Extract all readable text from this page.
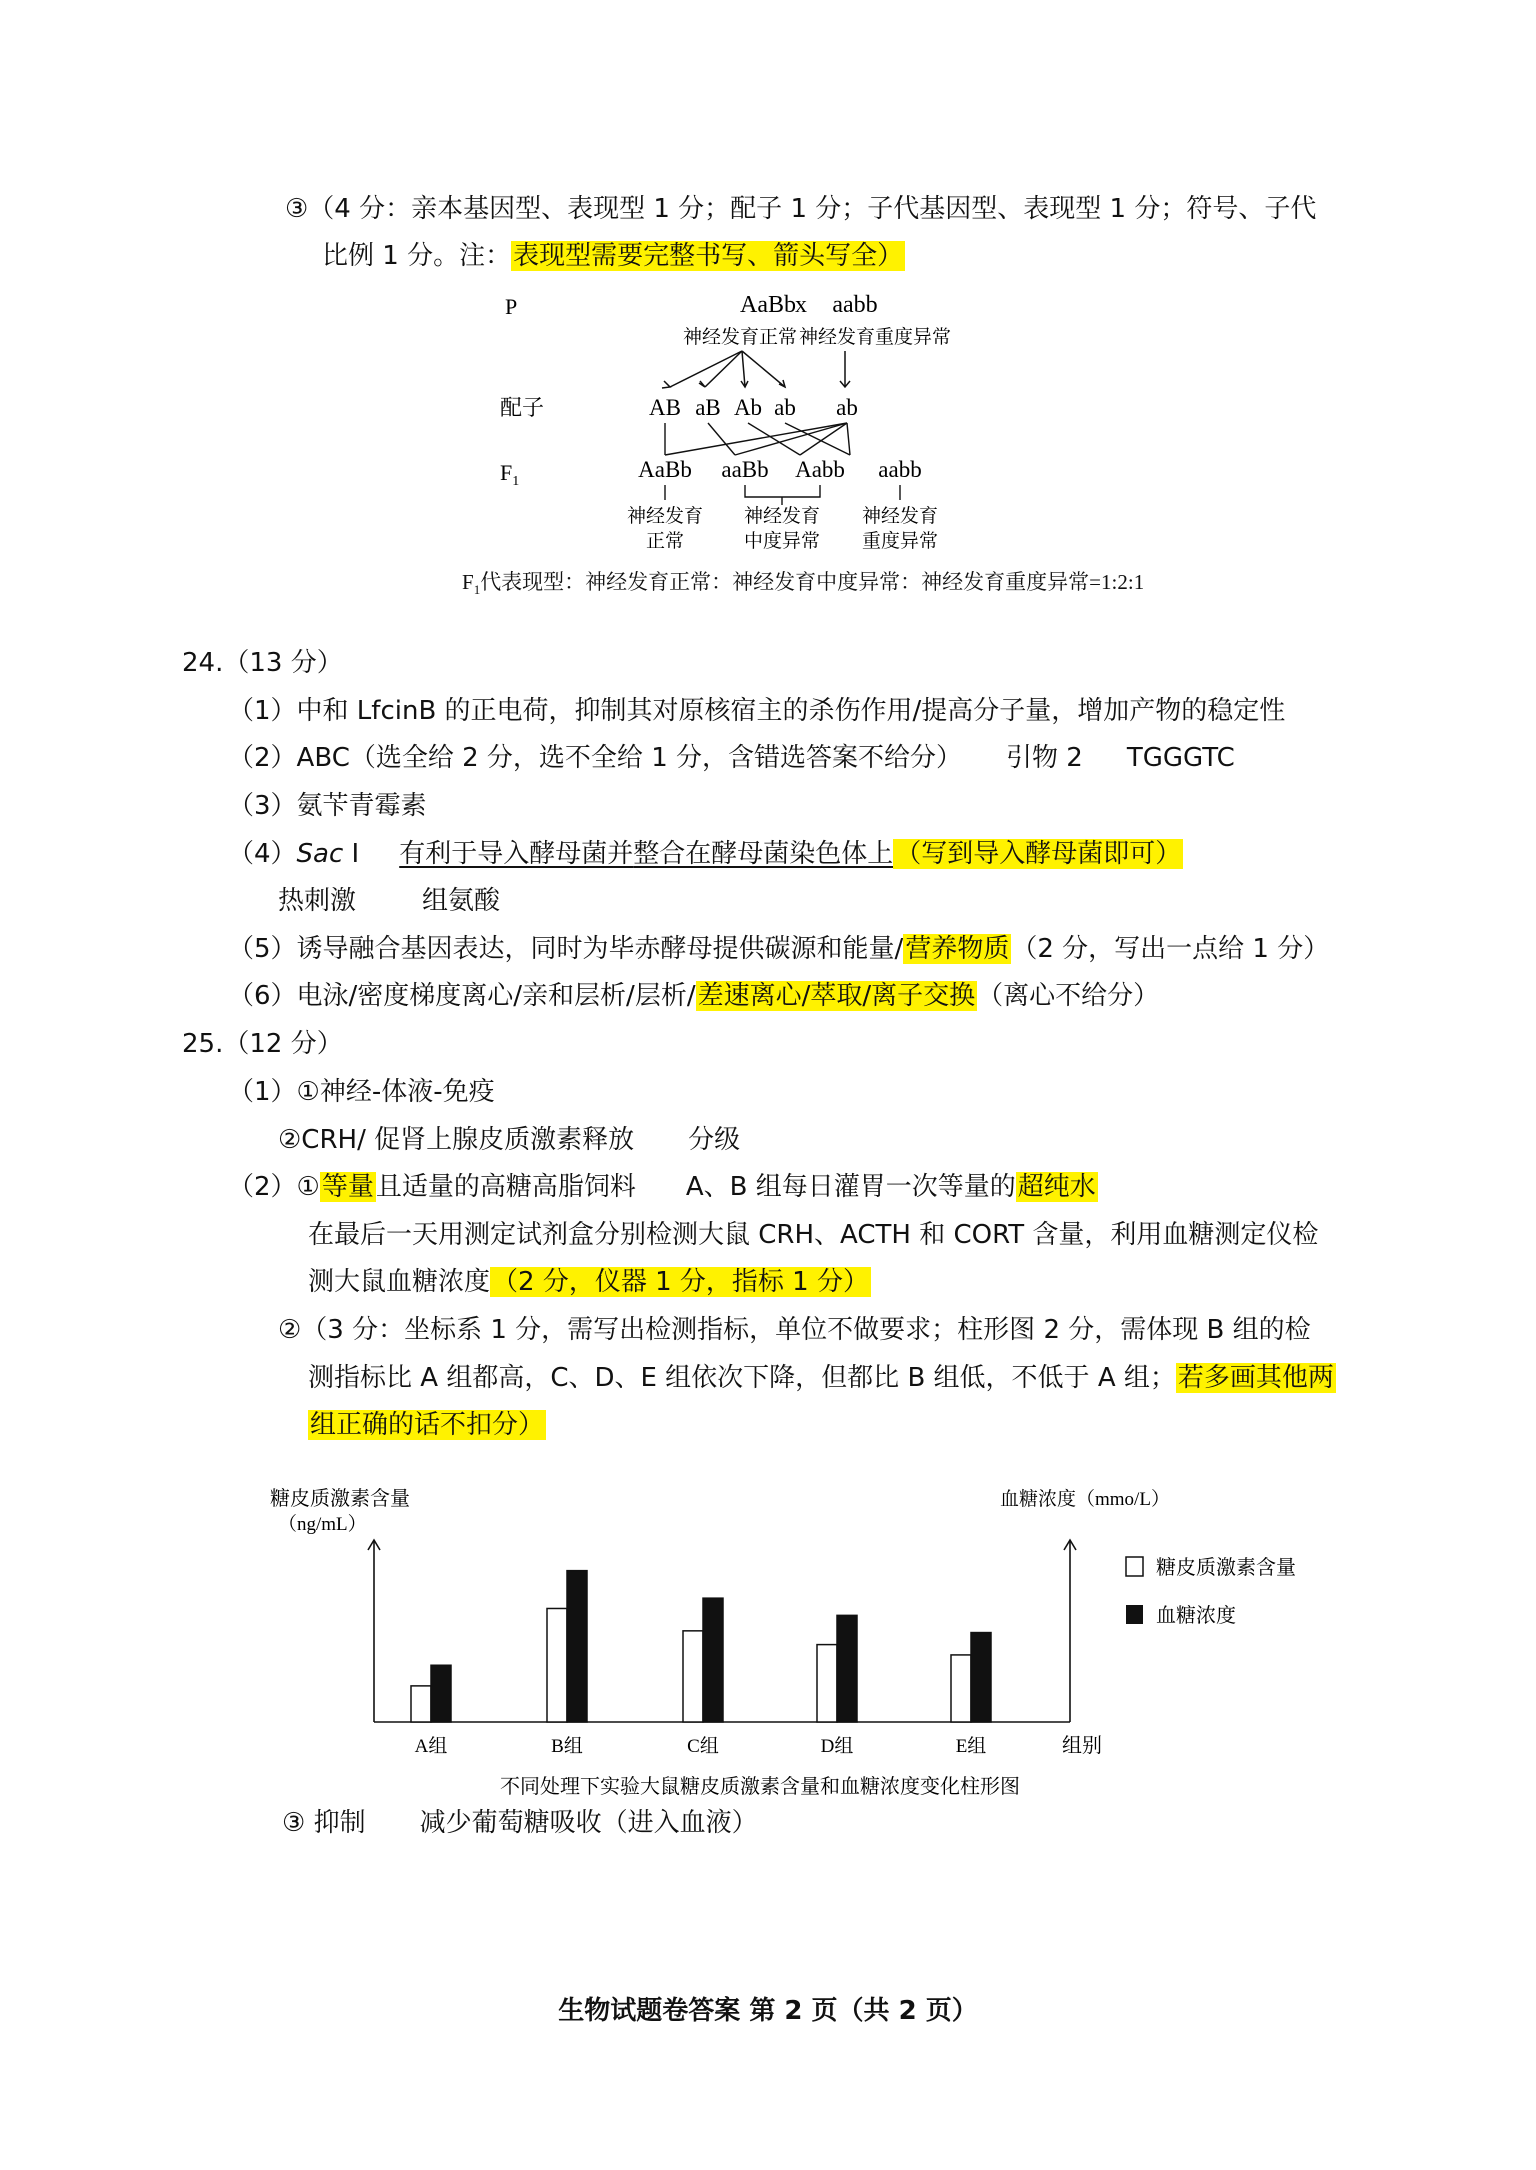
③（4 分：亲本基因型、表现型 1 分；配子 1 分；子代基因型、表现型 1 分；符号、子代
比例 1 分。注：表现型需要完整书写、箭头写全）
P	AaBb x aabb
神经发育正常 神经发育重度异常
配子	AB aB Ab ab ab
$F_1$	AaBb aaBb Aabb aabb
神经发育
正常
神经发育
中度异常
神经发育
重度异常
$F_1$代表现型：神经发育正常：神经发育中度异常：神经发育重度异常=1:2:1
24.（13 分）
（1）中和 LfcinB 的正电荷，抑制其对原核宿主的杀伤作用/提高分子量，增加产物的稳定性
（2）ABC（选全给 2 分，选不全给 1 分，含错选答案不给分） 引物 2 TGGGTC
（3）氨苄青霉素
（4）Sac I 有利于导入酵母菌并整合在酵母菌染色体上（写到导入酵母菌即可）
热刺激	组氨酸
（5）诱导融合基因表达，同时为毕赤酵母提供碳源和能量/营养物质（2 分，写出一点给 1 分）
（6）电泳/密度梯度离心/亲和层析/层析/差速离心/萃取/离子交换（离心不给分）
25.（12 分）
（1）①神经-体液-免疫
②CRH/ 促肾上腺皮质激素释放 分级
（2）①等量且适量的高糖高脂饲料 A、B 组每日灌胃一次等量的超纯水
在最后一天用测定试剂盒分别检测大鼠 CRH、ACTH 和 CORT 含量，利用血糖测定仪检
测大鼠血糖浓度（2 分，仪器 1 分，指标 1 分）
②（3 分：坐标系 1 分，需写出检测指标，单位不做要求；柱形图 2 分，需体现 B 组的检
测指标比 A 组都高，C、D、E 组依次下降，但都比 B 组低，不低于 A 组；若多画其他两
组正确的话不扣分）
糖皮质激素含量
（ng/mL）
血糖浓度（mmo/L）
A组	B组	C组	D组	E组	组别
糖皮质激素含量
血糖浓度
不同处理下实验大鼠糖皮质激素含量和血糖浓度变化柱形图
③ 抑制 减少葡萄糖吸收（进入血液）
生物试题卷答案 第 2 页（共 2 页）
